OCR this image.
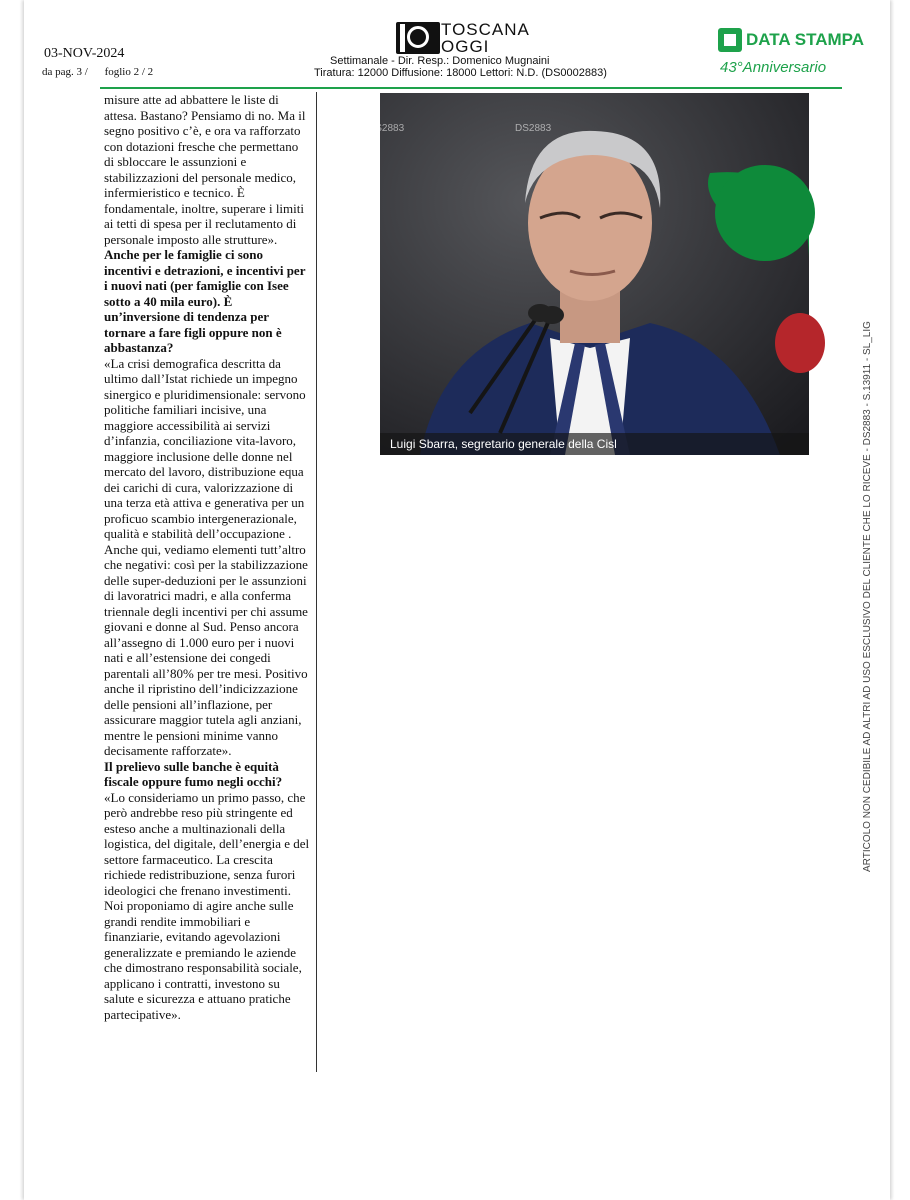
03-NOV-2024
da pag. 3 / foglio 2 / 2
TOSCANA
OGGI
Settimanale - Dir. Resp.: Domenico Mugnaini
Tiratura: 12000 Diffusione: 18000 Lettori: N.D. (DS0002883)
DATA STAMPA
43°Anniversario

misure atte ad abbattere le liste di attesa. Bastano? Pensiamo di no. Ma il segno positivo c’è, e ora va rafforzato con dotazioni fresche che permettano di sbloccare le assunzioni e stabilizzazioni del personale medico, infermieristico e tecnico. È fondamentale, inoltre, superare i limiti ai tetti di spesa per il reclutamento di personale imposto alle strutture».

Anche per le famiglie ci sono incentivi e detrazioni, e incentivi per i nuovi nati (per famiglie con Isee sotto a 40 mila euro). È un’inversione di tendenza per tornare a fare figli oppure non è abbastanza?

«La crisi demografica descritta da ultimo dall’Istat richiede un impegno sinergico e pluridimensionale: servono politiche familiari incisive, una maggiore accessibilità ai servizi d’infanzia, conciliazione vita-lavoro, maggiore inclusione delle donne nel mercato del lavoro, distribuzione equa dei carichi di cura, valorizzazione di una terza età attiva e generativa per un proficuo scambio intergenerazionale, qualità e stabilità dell’occupazione . Anche qui, vediamo elementi tutt’altro che negativi: così per la stabilizzazione delle super-deduzioni per le assunzioni di lavoratrici madri, e alla conferma triennale degli incentivi per chi assume giovani e donne al Sud. Penso ancora all’assegno di 1.000 euro per i nuovi nati e all’estensione dei congedi parentali all’80% per tre mesi. Positivo anche il ripristino dell’indicizzazione delle pensioni all’inflazione, per assicurare maggior tutela agli anziani, mentre le pensioni minime vanno decisamente rafforzate».

Il prelievo sulle banche è equità fiscale oppure fumo negli occhi?

«Lo consideriamo un primo passo, che però andrebbe reso più stringente ed esteso anche a multinazionali della logistica, del digitale, dell’energia e del settore farmaceutico. La crescita richiede redistribuzione, senza furori ideologici che frenano investimenti.

Noi proponiamo di agire anche sulle grandi rendite immobiliari e finanziarie, evitando agevolazioni generalizzate e premiando le aziende che dimostrano responsabilità sociale, applicano i contratti, investono su salute e sicurezza e attuano pratiche partecipative».

DS2883	DS2883
Luigi Sbarra, segretario generale della Cisl	ARTICOLO NON CEDIBILE AD ALTRI AD USO ESCLUSIVO DEL CLIENTE CHE LO RICEVE - DS2883 - S.13911 - SL_LIG
